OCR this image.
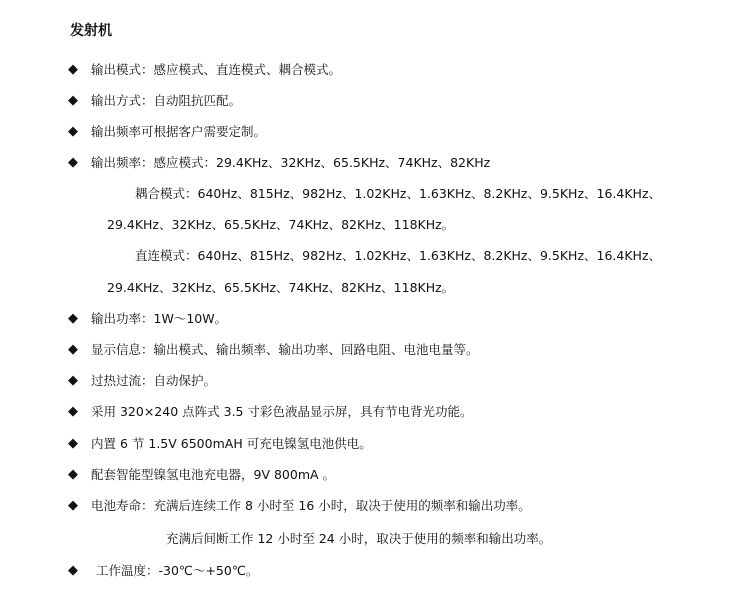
发射机
◆ 输出模式：感应模式、直连模式、耦合模式。
◆ 输出方式：自动阻抗匹配。
◆ 输出频率可根据客户需要定制。
◆ 输出频率：感应模式：29.4KHz、32KHz、65.5KHz、74KHz、82KHz
耦合模式：640Hz、815Hz、982Hz、1.02KHz、1.63KHz、8.2KHz、9.5KHz、16.4KHz、
29.4KHz、32KHz、65.5KHz、74KHz、82KHz、118KHz。
直连模式：640Hz、815Hz、982Hz、1.02KHz、1.63KHz、8.2KHz、9.5KHz、16.4KHz、
29.4KHz、32KHz、65.5KHz、74KHz、82KHz、118KHz。
◆ 输出功率：1W～10W。
◆ 显示信息：输出模式、输出频率、输出功率、回路电阻、电池电量等。
◆ 过热过流：自动保护。
◆ 采用 320×240 点阵式 3.5 寸彩色液晶显示屏，具有节电背光功能。
◆ 内置 6 节 1.5V 6500mAH 可充电镍氢电池供电。
◆ 配套智能型镍氢电池充电器，9V 800mA 。
◆ 电池寿命：充满后连续工作 8 小时至 16 小时，取决于使用的频率和输出功率。
充满后间断工作 12 小时至 24 小时，取决于使用的频率和输出功率。
◆ 工作温度：-30℃～+50℃。
